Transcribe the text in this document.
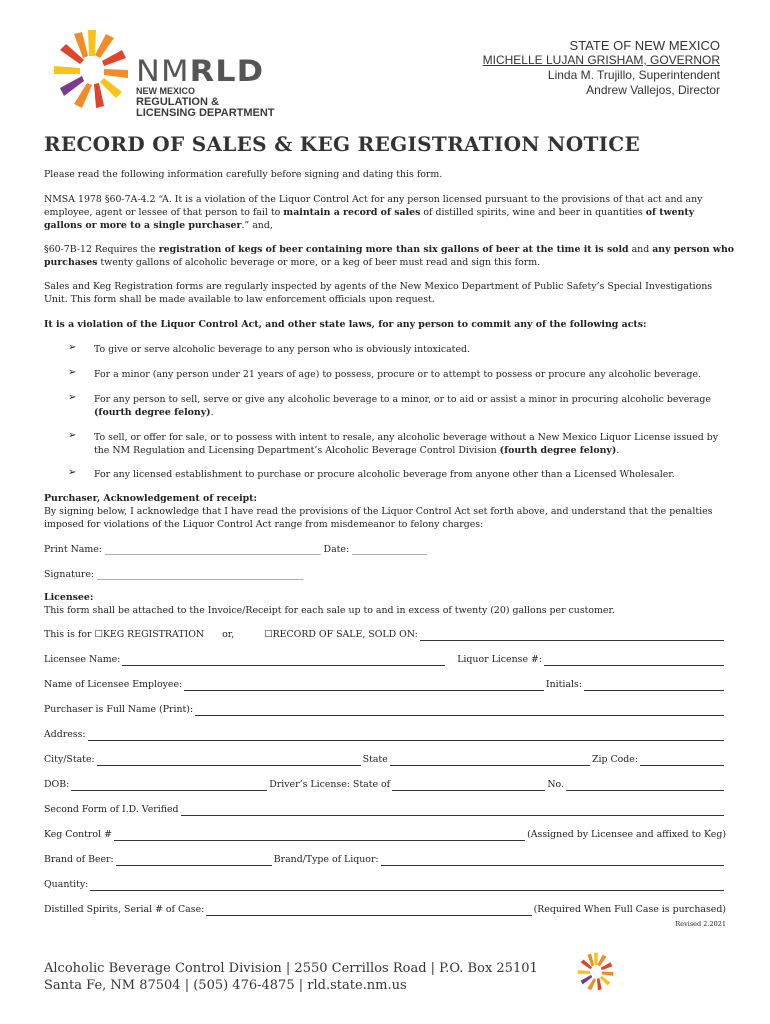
NMRLD
NEW MEXICO
REGULATION &
LICENSING DEPARTMENT
STATE OF NEW MEXICO
MICHELLE LUJAN GRISHAM, GOVERNOR
Linda M. Trujillo, Superintendent
Andrew Vallejos, Director
RECORD OF SALES & KEG REGISTRATION NOTICE
Please read the following information carefully before signing and dating this form.
NMSA 1978 §60-7A-4.2 “A. It is a violation of the Liquor Control Act for any person licensed pursuant to the provisions of that act and any employee, agent or lessee of that person to fail to maintain a record of sales of distilled spirits, wine and beer in quantities of twenty gallons or more to a single purchaser.” and,
§60-7B-12 Requires the registration of kegs of beer containing more than six gallons of beer at the time it is sold and any person who purchases twenty gallons of alcoholic beverage or more, or a keg of beer must read and sign this form.
Sales and Keg Registration forms are regularly inspected by agents of the New Mexico Department of Public Safety’s Special Investigations Unit. This form shall be made available to law enforcement officials upon request.
It is a violation of the Liquor Control Act, and other state laws, for any person to commit any of the following acts:
➢ To give or serve alcoholic beverage to any person who is obviously intoxicated.
➢ For a minor (any person under 21 years of age) to possess, procure or to attempt to possess or procure any alcoholic beverage.
➢ For any person to sell, serve or give any alcoholic beverage to a minor, or to aid or assist a minor in procuring alcoholic beverage (fourth degree felony).
➢ To sell, or offer for sale, or to possess with intent to resale, any alcoholic beverage without a New Mexico Liquor License issued by the NM Regulation and Licensing Department’s Alcoholic Beverage Control Division (fourth degree felony).
➢ For any licensed establishment to purchase or procure alcoholic beverage from anyone other than a Licensed Wholesaler.
Purchaser, Acknowledgement of receipt:
By signing below, I acknowledge that I have read the provisions of the Liquor Control Act set forth above, and understand that the penalties imposed for violations of the Liquor Control Act range from misdemeanor to felony charges:
Print Name: ______________________________________________ Date: ________________
Signature: ____________________________________________
Licensee:
This form shall be attached to the Invoice/Receipt for each sale up to and in excess of twenty (20) gallons per customer.
This is for ☐KEG REGISTRATION or,	☐RECORD OF SALE, SOLD ON:
Licensee Name:	Liquor License #:
Name of Licensee Employee:	Initials:
Purchaser is Full Name (Print):
Address:
City/State:	State	Zip Code:
DOB:	Driver’s License: State of	No.
Second Form of I.D. Verified
Keg Control #	(Assigned by Licensee and affixed to Keg)
Brand of Beer:	Brand/Type of Liquor:
Quantity:
Distilled Spirits, Serial # of Case:	(Required When Full Case is purchased)
Revised 2.2021
Alcoholic Beverage Control Division | 2550 Cerrillos Road | P.O. Box 25101
Santa Fe, NM 87504 | (505) 476-4875 | rld.state.nm.us
